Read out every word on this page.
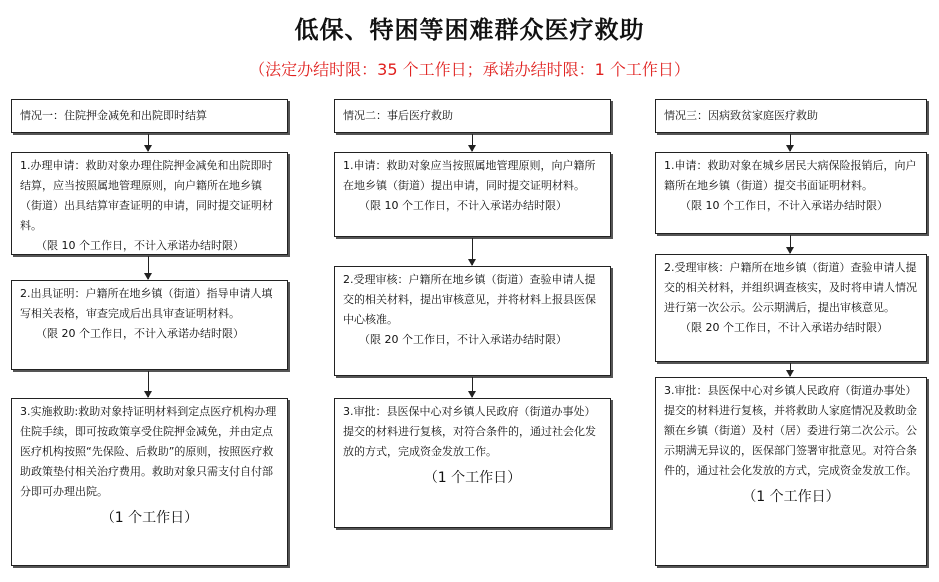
低保、特困等困难群众医疗救助
（法定办结时限：35 个工作日；承诺办结时限：1 个工作日）
情况一：住院押金减免和出院即时结算
1.办理申请：救助对象办理住院押金减免和出院即时结算，应当按照属地管理原则，向户籍所在地乡镇（街道）出具结算审查证明的申请，同时提交证明材料。
（限 10 个工作日，不计入承诺办结时限）
2.出具证明：户籍所在地乡镇（街道）指导申请人填写相关表格，审查完成后出具审查证明材料。
（限 20 个工作日，不计入承诺办结时限）
3.实施救助:救助对象持证明材料到定点医疗机构办理住院手续，即可按政策享受住院押金减免，并由定点医疗机构按照“先保险、后救助”的原则，按照医疗救助政策垫付相关治疗费用。救助对象只需支付自付部分即可办理出院。
（1 个工作日）
情况二：事后医疗救助
1.申请：救助对象应当按照属地管理原则，向户籍所在地乡镇（街道）提出申请，同时提交证明材料。
（限 10 个工作日，不计入承诺办结时限）
2.受理审核：户籍所在地乡镇（街道）查验申请人提交的相关材料，提出审核意见，并将材料上报县医保中心核准。
（限 20 个工作日，不计入承诺办结时限）
3.审批：县医保中心对乡镇人民政府（街道办事处）提交的材料进行复核，对符合条件的，通过社会化发放的方式，完成资金发放工作。
（1 个工作日）
情况三：因病致贫家庭医疗救助
1.申请：救助对象在城乡居民大病保险报销后，向户籍所在地乡镇（街道）提交书面证明材料。
（限 10 个工作日，不计入承诺办结时限）
2.受理审核：户籍所在地乡镇（街道）查验申请人提交的相关材料，并组织调查核实，及时将申请人情况进行第一次公示。公示期满后，提出审核意见。
（限 20 个工作日，不计入承诺办结时限）
3.审批：县医保中心对乡镇人民政府（街道办事处）提交的材料进行复核，并将救助人家庭情况及救助金额在乡镇（街道）及村（居）委进行第二次公示。公示期满无异议的，医保部门签署审批意见。对符合条件的，通过社会化发放的方式，完成资金发放工作。
（1 个工作日）
